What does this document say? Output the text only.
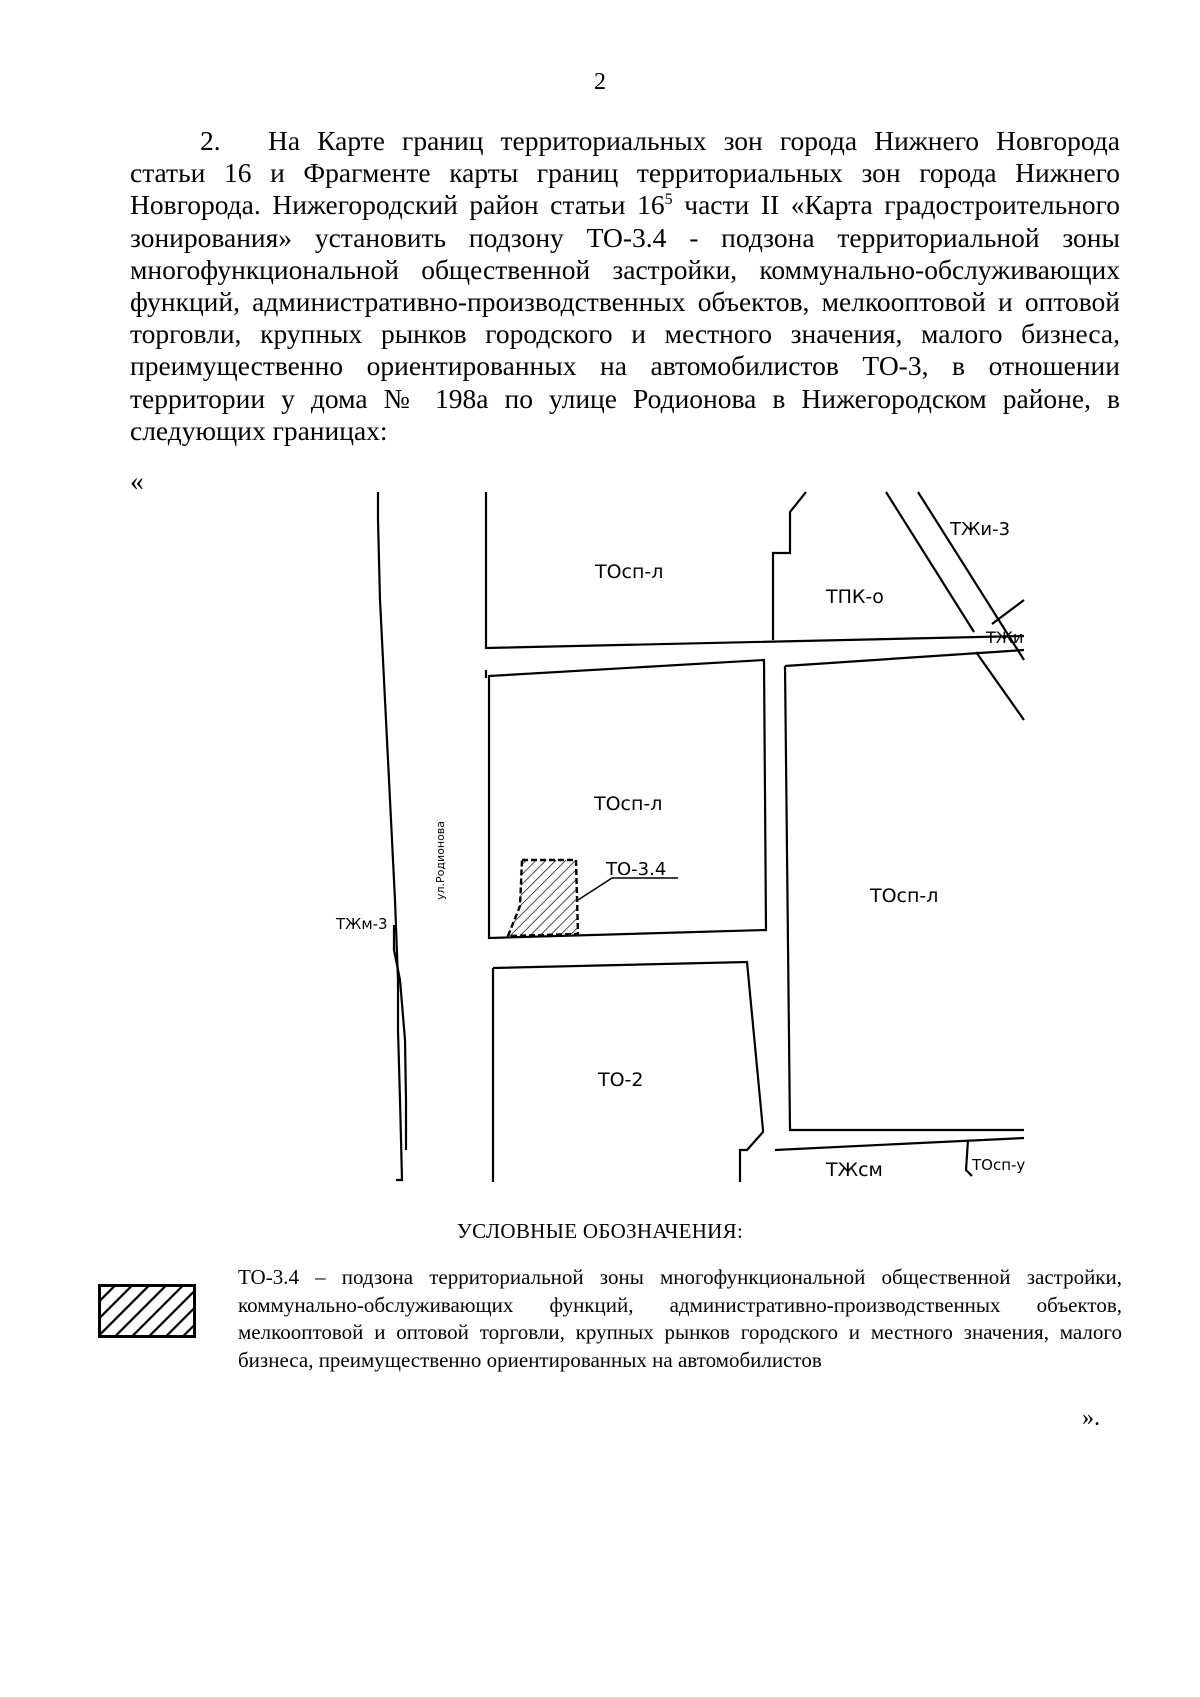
2
2. На Карте границ территориальных зон города Нижнего Новгорода статьи 16 и Фрагменте карты границ территориальных зон города Нижнего Новгорода. Нижегородский район статьи $16^5$ части II «Карта градостроительного зонирования» установить подзону ТО-3.4 - подзона территориальной зоны многофункциональной общественной застройки, коммунально-обслуживающих функций, административно-производственных объектов, мелкооптовой и оптовой торговли, крупных рынков городского и местного значения, малого бизнеса, преимущественно ориентированных на автомобилистов ТО-3, в отношении территории у дома № 198а по улице Родионова в Нижегородском районе, в следующих границах:
«
ТОсп-л
ТПК-о
ТЖи-3
ТЖи
ТОсп-л
ТО-3.4
ТОсп-л
ул.Родионова
ТЖм-3
ТО-2
ТЖсм	ТОсп-у
УСЛОВНЫЕ ОБОЗНАЧЕНИЯ:
ТО-3.4 – подзона территориальной зоны многофункциональной общественной застройки, коммунально-обслуживающих функций, административно-производственных объектов, мелкооптовой и оптовой торговли, крупных рынков городского и местного значения, малого бизнеса, преимущественно ориентированных на автомобилистов
».
